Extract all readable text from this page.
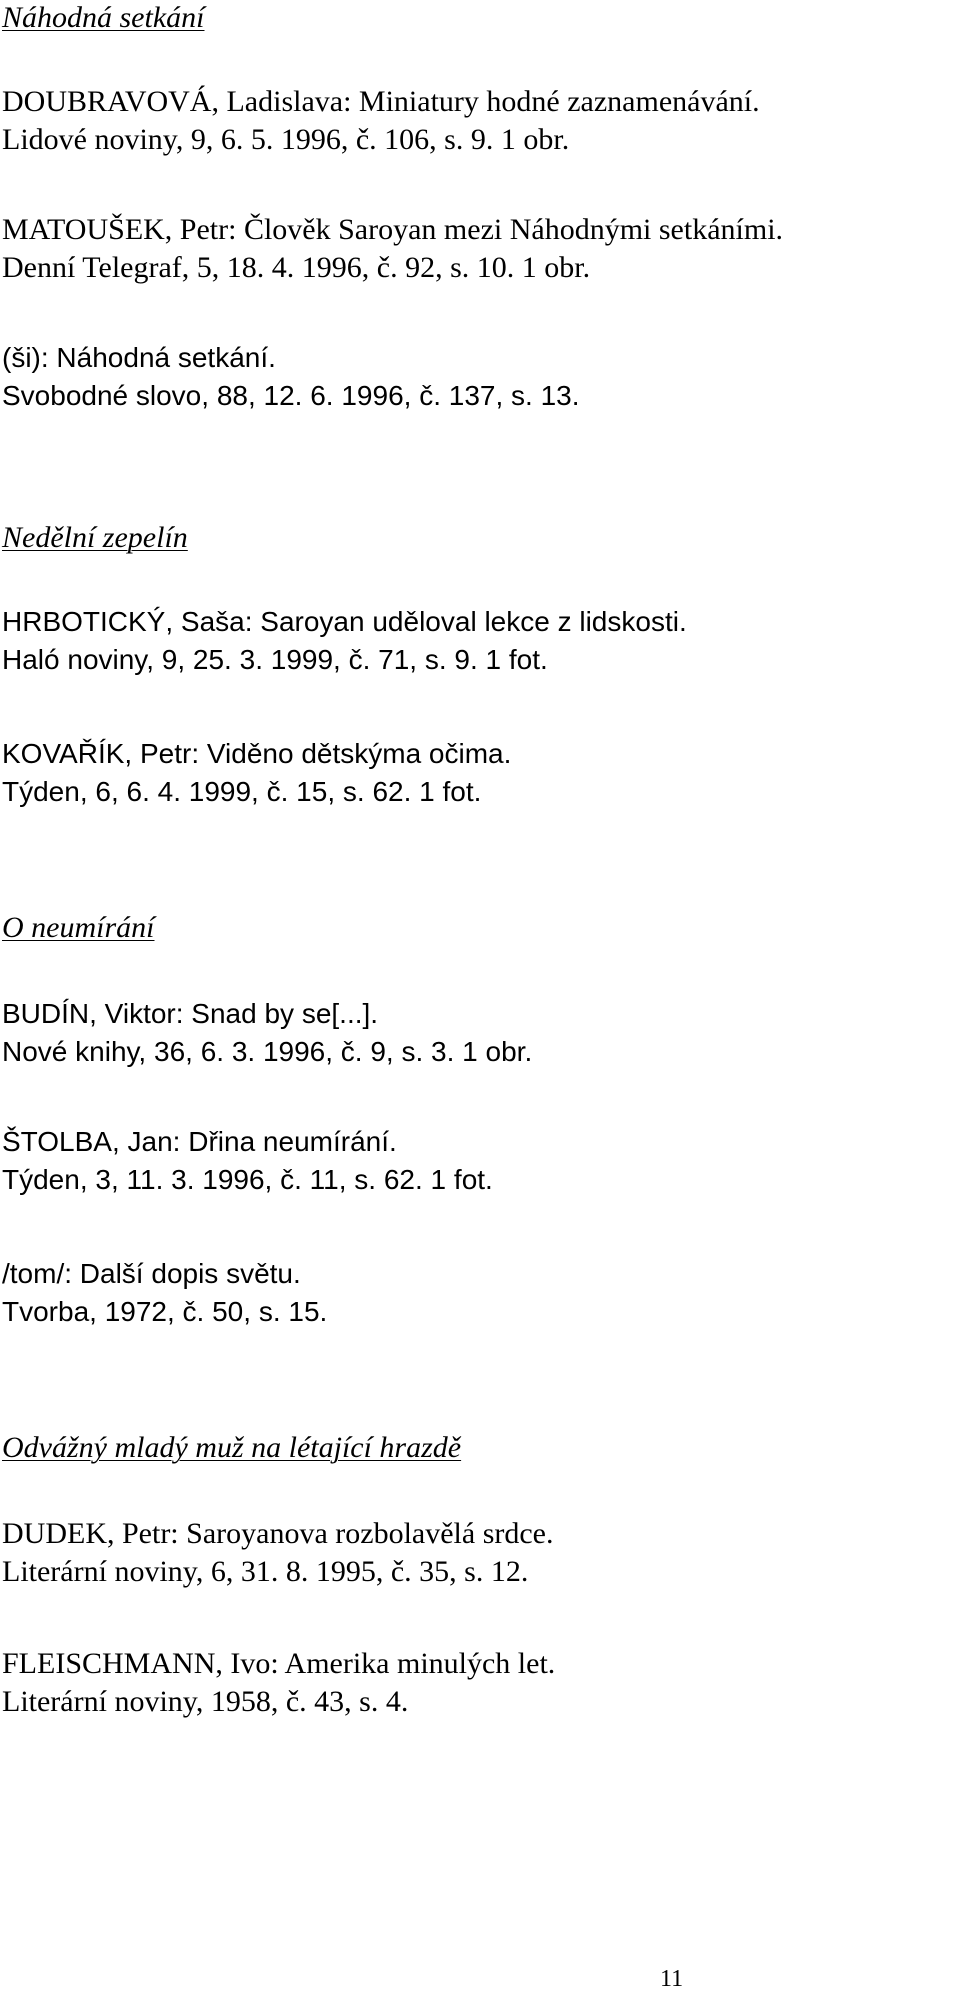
Náhodná setkání

DOUBRAVOVÁ, Ladislava: Miniatury hodné zaznamenávání.

Lidové noviny, 9, 6. 5. 1996, č. 106, s. 9. 1 obr.

MATOUŠEK, Petr: Člověk Saroyan mezi Náhodnými setkáními.

Denní Telegraf, 5, 18. 4. 1996, č. 92, s. 10. 1 obr.

(ši): Náhodná setkání.

Svobodné slovo, 88, 12. 6. 1996, č. 137, s. 13.

Nedělní zepelín

HRBOTICKÝ, Saša: Saroyan uděloval lekce z lidskosti.

Haló noviny, 9, 25. 3. 1999, č. 71, s. 9. 1 fot.

KOVAŘÍK, Petr: Viděno dětskýma očima.

Týden, 6, 6. 4. 1999, č. 15, s. 62. 1 fot.

O neumírání

BUDÍN, Viktor: Snad by se[...].

Nové knihy, 36, 6. 3. 1996, č. 9, s. 3. 1 obr.

ŠTOLBA, Jan: Dřina neumírání.

Týden, 3, 11. 3. 1996, č. 11, s. 62. 1 fot.

/tom/: Další dopis světu.

Tvorba, 1972, č. 50, s. 15.

Odvážný mladý muž na létající hrazdě

DUDEK, Petr: Saroyanova rozbolavělá srdce.

Literární noviny, 6, 31. 8. 1995, č. 35, s. 12.

FLEISCHMANN, Ivo: Amerika minulých let.

Literární noviny, 1958, č. 43, s. 4.

11
